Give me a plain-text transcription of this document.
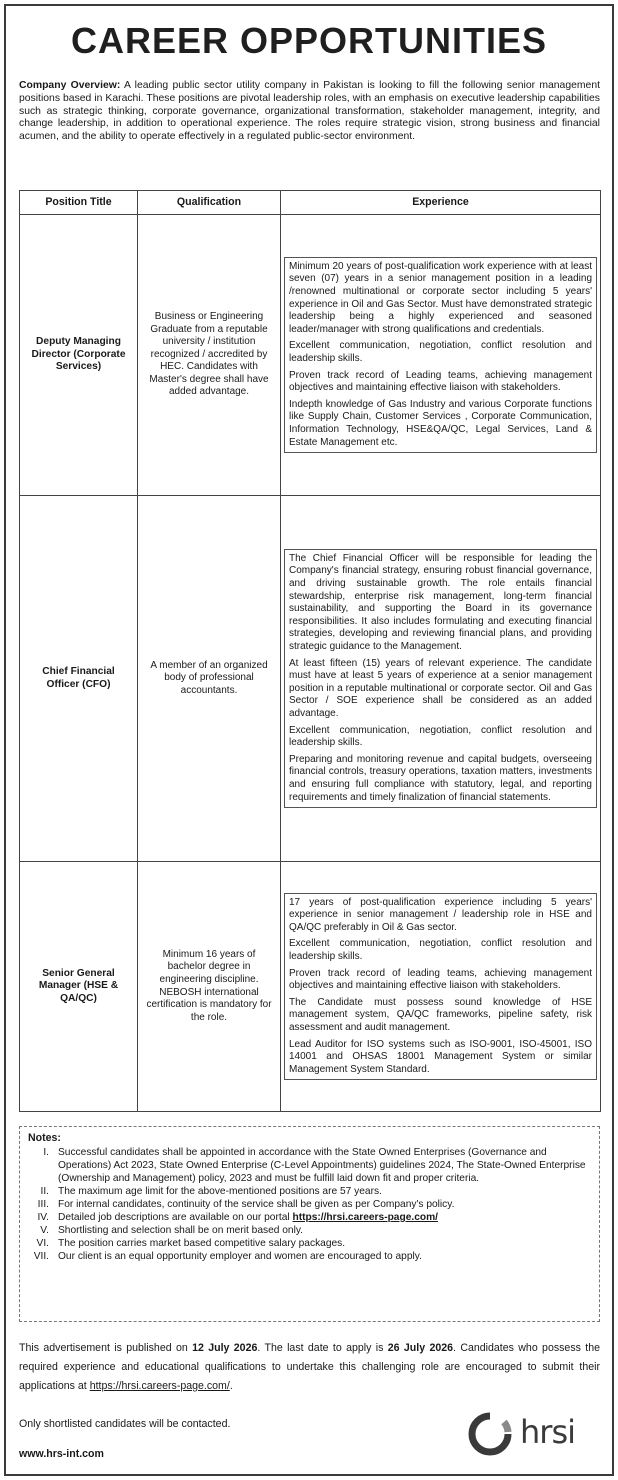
CAREER OPPORTUNITIES

Company Overview: A leading public sector utility company in Pakistan is looking to fill the following senior management positions based in Karachi. These positions are pivotal leadership roles, with an emphasis on executive leadership capabilities such as strategic thinking, corporate governance, organizational transformation, stakeholder management, integrity, and change leadership, in addition to operational experience. The roles require strategic vision, strong business and financial acumen, and the ability to operate effectively in a regulated public-sector environment.

Position Title	Qualification	Experience
Deputy Managing Director (Corporate Services)	Business or Engineering Graduate from a reputable university / institution recognized / accredited by HEC. Candidates with Master's degree shall have added advantage.	Minimum 20 years of post-qualification work experience with at least seven (07) years in a senior management position in a leading /renowned multinational or corporate sector including 5 years' experience in Oil and Gas Sector. Must have demonstrated strategic leadership being a highly experienced and seasoned leader/manager with strong qualifications and credentials.

Excellent communication, negotiation, conflict resolution and leadership skills.

Proven track record of Leading teams, achieving management objectives and maintaining effective liaison with stakeholders.

Indepth knowledge of Gas Industry and various Corporate functions like Supply Chain, Customer Services , Corporate Communication, Information Technology, HSE&QA/QC, Legal Services, Land & Estate Management etc.

Chief Financial Officer (CFO)	A member of an organized body of professional accountants.	The Chief Financial Officer will be responsible for leading the Company's financial strategy, ensuring robust financial governance, and driving sustainable growth. The role entails financial stewardship, enterprise risk management, long-term financial sustainability, and supporting the Board in its governance responsibilities. It also includes formulating and executing financial strategies, developing and reviewing financial plans, and providing strategic guidance to the Management.

At least fifteen (15) years of relevant experience. The candidate must have at least 5 years of experience at a senior management position in a reputable multinational or corporate sector. Oil and Gas Sector / SOE experience shall be considered as an added advantage.

Excellent communication, negotiation, conflict resolution and leadership skills.

Preparing and monitoring revenue and capital budgets, overseeing financial controls, treasury operations, taxation matters, investments and ensuring full compliance with statutory, legal, and reporting requirements and timely finalization of financial statements.

Senior General Manager (HSE & QA/QC)	Minimum 16 years of bachelor degree in engineering discipline. NEBOSH international certification is mandatory for the role.	17 years of post-qualification experience including 5 years' experience in senior management / leadership role in HSE and QA/QC preferably in Oil & Gas sector.

Excellent communication, negotiation, conflict resolution and leadership skills.

Proven track record of leading teams, achieving management objectives and maintaining effective liaison with stakeholders.

The Candidate must possess sound knowledge of HSE management system, QA/QC frameworks, pipeline safety, risk assessment and audit management.

Lead Auditor for ISO systems such as ISO-9001, ISO-45001, ISO 14001 and OHSAS 18001 Management System or similar Management System Standard.

Notes:
I. Successful candidates shall be appointed in accordance with the State Owned Enterprises (Governance and Operations) Act 2023, State Owned Enterprise (C-Level Appointments) guidelines 2024, The State-Owned Enterprise (Ownership and Management) policy, 2023 and must be fulfill laid down fit and proper criteria.
II. The maximum age limit for the above-mentioned positions are 57 years.
III. For internal candidates, continuity of the service shall be given as per Company's policy.
IV. Detailed job descriptions are available on our portal https://hrsi.careers-page.com/
V. Shortlisting and selection shall be on merit based only.
VI. The position carries market based competitive salary packages.
VII. Our client is an equal opportunity employer and women are encouraged to apply.

This advertisement is published on 12 July 2026. The last date to apply is 26 July 2026. Candidates who possess the required experience and educational qualifications to undertake this challenging role are encouraged to submit their applications at https://hrsi.careers-page.com/.

Only shortlisted candidates will be contacted.
www.hrs-int.com
hrsi
